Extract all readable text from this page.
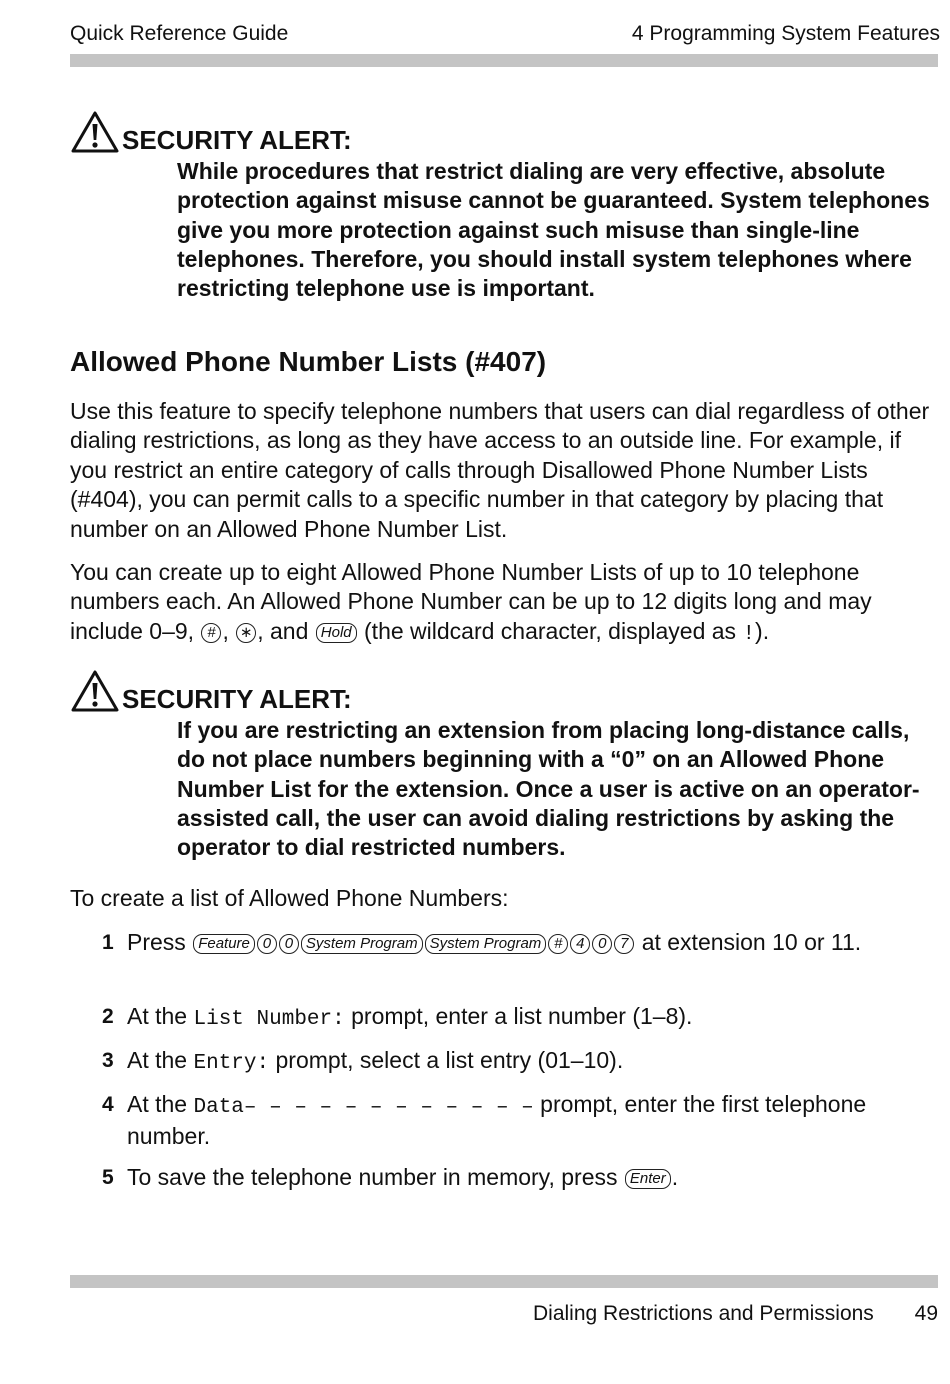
Quick Reference Guide	4 Programming System Features
SECURITY ALERT:
While procedures that restrict dialing are very effective, absolute protection against misuse cannot be guaranteed. System telephones give you more protection against such misuse than single-line telephones. Therefore, you should install system telephones where restricting telephone use is important.
Allowed Phone Number Lists (#407)
Use this feature to specify telephone numbers that users can dial regardless of other dialing restrictions, as long as they have access to an outside line. For example, if you restrict an entire category of calls through Disallowed Phone Number Lists (#404), you can permit calls to a specific number in that category by placing that number on an Allowed Phone Number List.
You can create up to eight Allowed Phone Number Lists of up to 10 telephone numbers each. An Allowed Phone Number can be up to 12 digits long and may include 0–9, # , ∗ , and Hold (the wildcard character, displayed as !).
SECURITY ALERT:
If you are restricting an extension from placing long-distance calls, do not place numbers beginning with a “0” on an Allowed Phone Number List for the extension. Once a user is active on an operator-assisted call, the user can avoid dialing restrictions by asking the operator to dial restricted numbers.
To create a list of Allowed Phone Numbers:
1 Press Feature 0 0 System Program System Program # 4 0 7 at extension 10 or 11.
2 At the List Number: prompt, enter a list number (1–8).
3 At the Entry: prompt, select a list entry (01–10).
4 At the Data– – – – – – – – – – – – prompt, enter the first telephone number.
5 To save the telephone number in memory, press Enter .
Dialing Restrictions and Permissions 49
